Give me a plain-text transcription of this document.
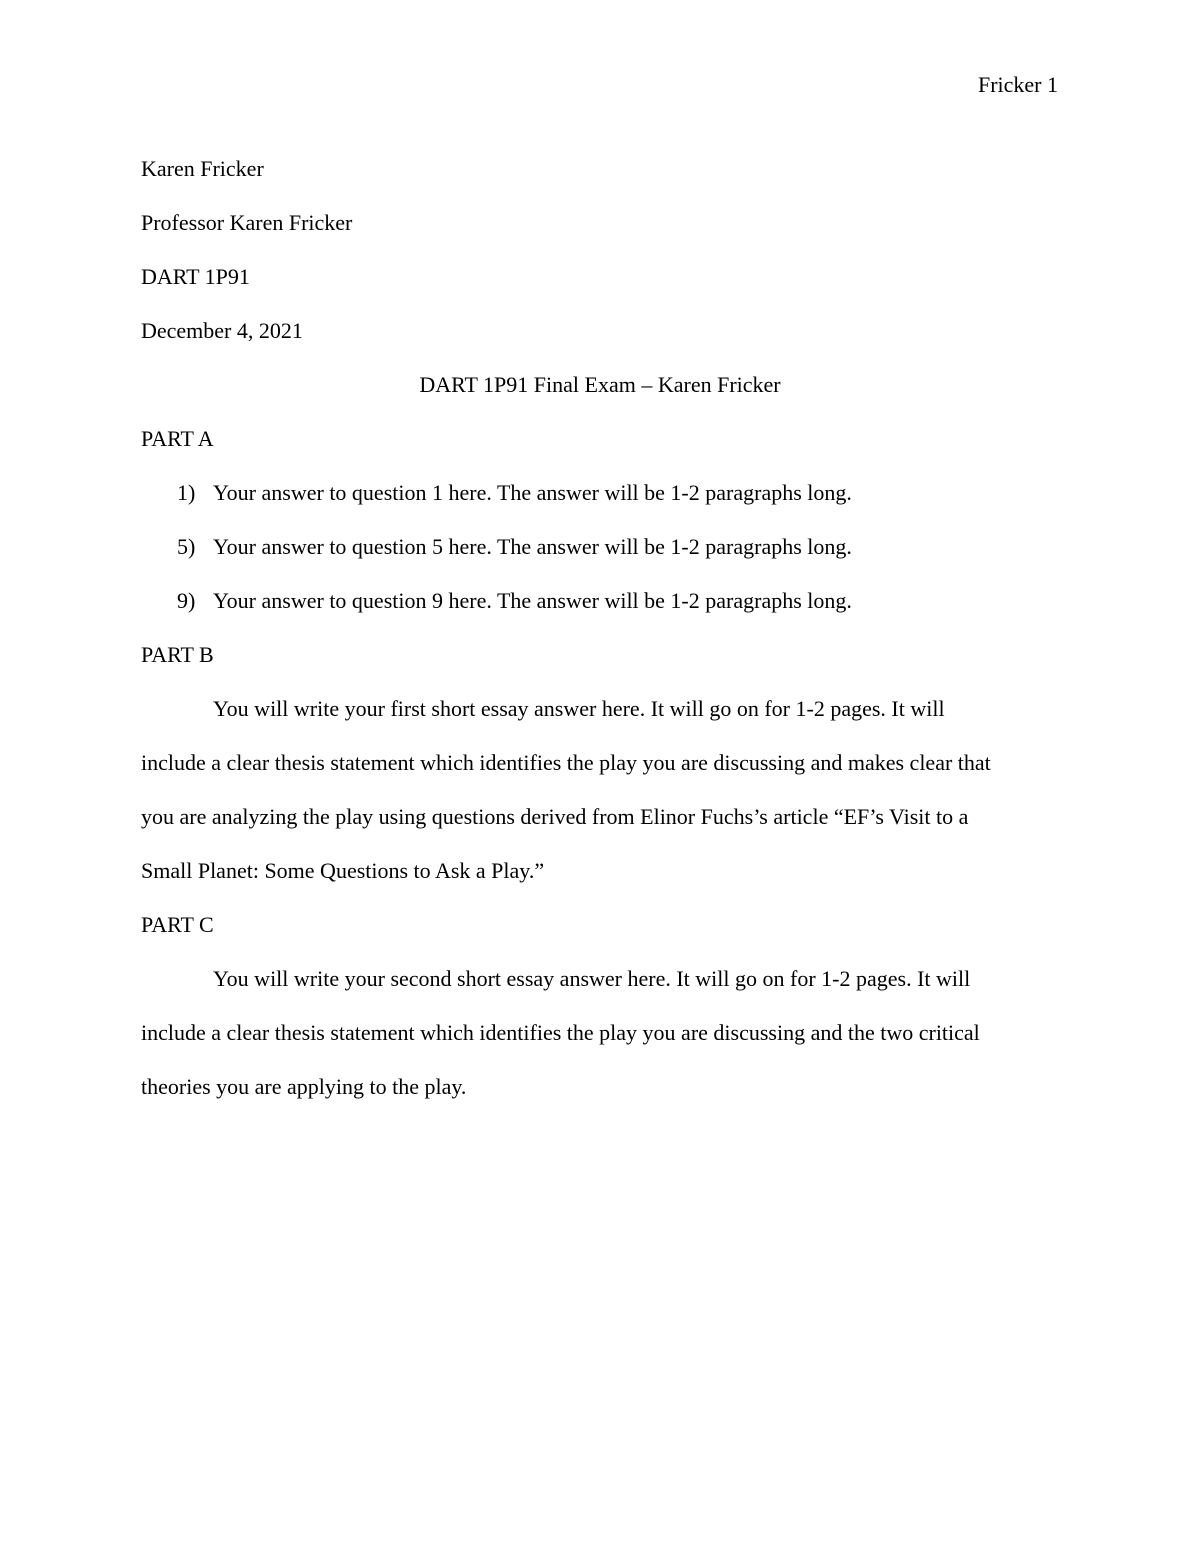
Fricker 1

Karen Fricker

Professor Karen Fricker

DART 1P91

December 4, 2021

DART 1P91 Final Exam – Karen Fricker

PART A

1) Your answer to question 1 here. The answer will be 1-2 paragraphs long.
5) Your answer to question 5 here. The answer will be 1-2 paragraphs long.
9) Your answer to question 9 here. The answer will be 1-2 paragraphs long.

PART B

You will write your first short essay answer here. It will go on for 1-2 pages. It will

include a clear thesis statement which identifies the play you are discussing and makes clear that

you are analyzing the play using questions derived from Elinor Fuchs’s article “EF’s Visit to a

Small Planet: Some Questions to Ask a Play.”

PART C

You will write your second short essay answer here. It will go on for 1-2 pages. It will

include a clear thesis statement which identifies the play you are discussing and the two critical

theories you are applying to the play.
